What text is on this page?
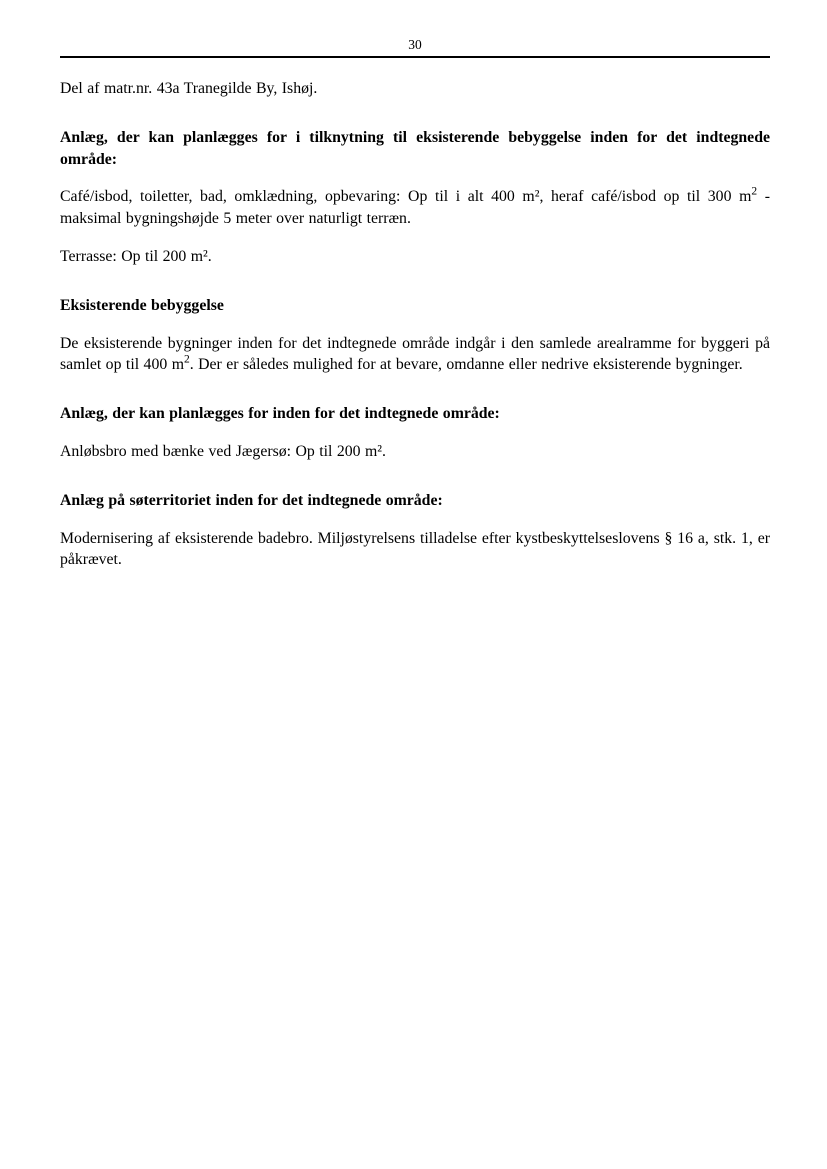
30

Del af matr.nr. 43a Tranegilde By, Ishøj.

Anlæg, der kan planlægges for i tilknytning til eksisterende bebyggelse inden for det indtegnede område:

Café/isbod, toiletter, bad, omklædning, opbevaring: Op til i alt 400 m², heraf café/isbod op til 300 $m^2$ - maksimal bygningshøjde 5 meter over naturligt terræn.

Terrasse: Op til 200 m².

Eksisterende bebyggelse

De eksisterende bygninger inden for det indtegnede område indgår i den samlede arealramme for byggeri på samlet op til 400 $m^2$. Der er således mulighed for at bevare, omdanne eller nedrive eksisterende bygninger.

Anlæg, der kan planlægges for inden for det indtegnede område:

Anløbsbro med bænke ved Jægersø: Op til 200 m².

Anlæg på søterritoriet inden for det indtegnede område:

Modernisering af eksisterende badebro. Miljøstyrelsens tilladelse efter kystbeskyttelseslovens § 16 a, stk. 1, er påkrævet.
